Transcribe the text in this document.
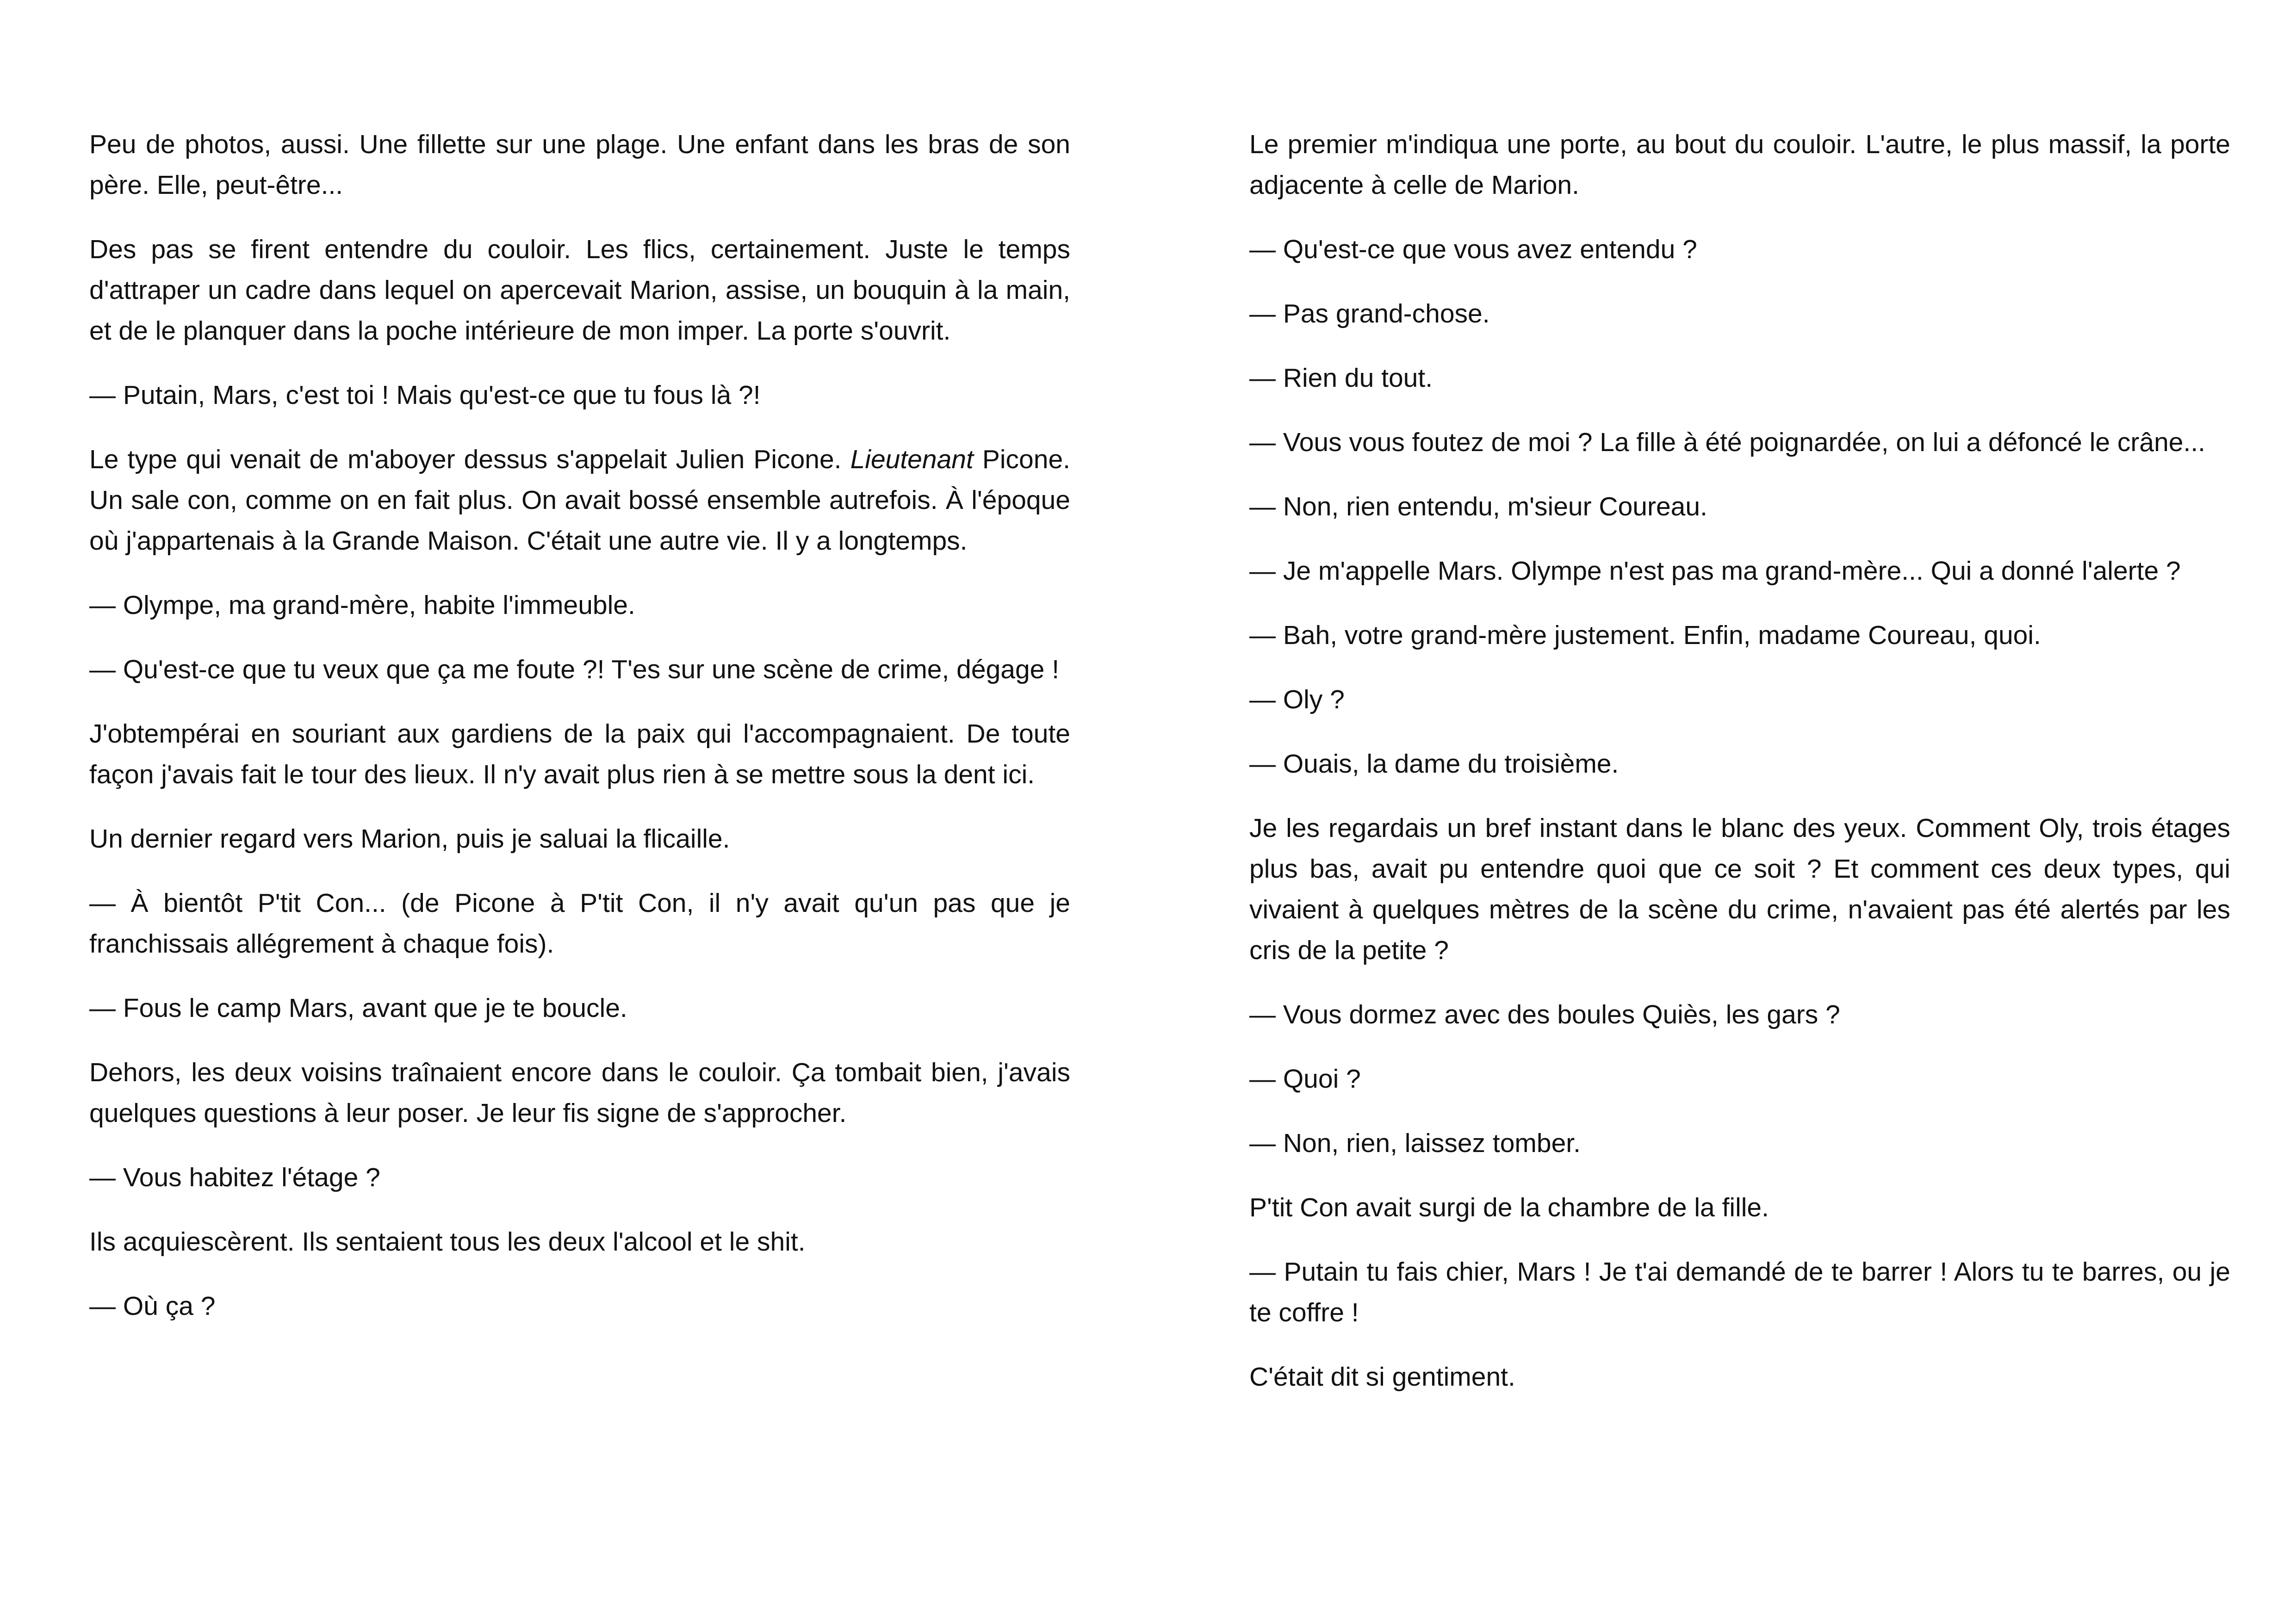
Peu de photos, aussi. Une fillette sur une plage. Une enfant dans les bras de son père. Elle, peut-être...

Des pas se firent entendre du couloir. Les flics, certainement. Juste le temps d'attraper un cadre dans lequel on apercevait Marion, assise, un bouquin à la main, et de le planquer dans la poche intérieure de mon imper. La porte s'ouvrit.

— Putain, Mars, c'est toi ! Mais qu'est-ce que tu fous là ?!

Le type qui venait de m'aboyer dessus s'appelait Julien Picone. Lieutenant Picone. Un sale con, comme on en fait plus. On avait bossé ensemble autrefois. À l'époque où j'appartenais à la Grande Maison. C'était une autre vie. Il y a longtemps.

— Olympe, ma grand-mère, habite l'immeuble.

— Qu'est-ce que tu veux que ça me foute ?! T'es sur une scène de crime, dégage !

J'obtempérai en souriant aux gardiens de la paix qui l'accompagnaient. De toute façon j'avais fait le tour des lieux. Il n'y avait plus rien à se mettre sous la dent ici.

Un dernier regard vers Marion, puis je saluai la flicaille.

— À bientôt P'tit Con... (de Picone à P'tit Con, il n'y avait qu'un pas que je franchissais allégrement à chaque fois).

— Fous le camp Mars, avant que je te boucle.

Dehors, les deux voisins traînaient encore dans le couloir. Ça tombait bien, j'avais quelques questions à leur poser. Je leur fis signe de s'approcher.

— Vous habitez l'étage ?

Ils acquiescèrent. Ils sentaient tous les deux l'alcool et le shit.

— Où ça ?

Le premier m'indiqua une porte, au bout du couloir. L'autre, le plus massif, la porte adjacente à celle de Marion.

— Qu'est-ce que vous avez entendu ?

— Pas grand-chose.

— Rien du tout.

— Vous vous foutez de moi ? La fille à été poignardée, on lui a défoncé le crâne...

— Non, rien entendu, m'sieur Coureau.

— Je m'appelle Mars. Olympe n'est pas ma grand-mère... Qui a donné l'alerte ?

— Bah, votre grand-mère justement. Enfin, madame Coureau, quoi.

— Oly ?

— Ouais, la dame du troisième.

Je les regardais un bref instant dans le blanc des yeux. Comment Oly, trois étages plus bas, avait pu entendre quoi que ce soit ? Et comment ces deux types, qui vivaient à quelques mètres de la scène du crime, n'avaient pas été alertés par les cris de la petite ?

— Vous dormez avec des boules Quiès, les gars ?

— Quoi ?

— Non, rien, laissez tomber.

P'tit Con avait surgi de la chambre de la fille.

— Putain tu fais chier, Mars ! Je t'ai demandé de te barrer ! Alors tu te barres, ou je te coffre !

C'était dit si gentiment.
